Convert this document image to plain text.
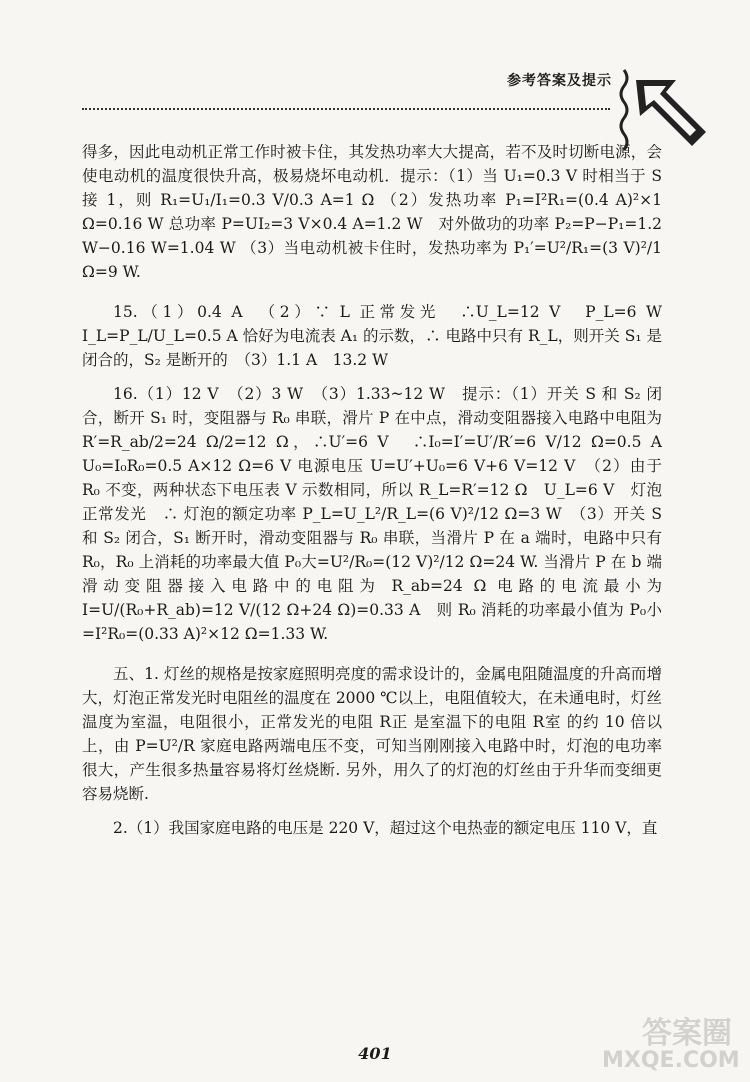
参考答案及提示

得多，因此电动机正常工作时被卡住，其发热功率大大提高，若不及时切断电源，会使电动机的温度很快升高，极易烧坏电动机．提示：（1）当 U₁=0.3 V 时相当于 S 接 1，则 R₁=U₁/I₁=0.3 V/0.3 A=1 Ω （2）发热功率 P₁=I²R₁=(0.4 A)²×1 Ω=0.16 W 总功率 P=UI₂=3 V×0.4 A=1.2 W　对外做功的功率 P₂=P−P₁=1.2 W−0.16 W=1.04 W （3）当电动机被卡住时，发热功率为 P₁′=U²/R₁=(3 V)²/1 Ω=9 W.

15.（1）0.4 A　（2）∵ L 正常发光　∴U_L=12 V　P_L=6 W　I_L=P_L/U_L=0.5 A 恰好为电流表 A₁ 的示数，∴ 电路中只有 R_L，则开关 S₁ 是闭合的，S₂ 是断开的　（3）1.1 A　13.2 W

16.（1）12 V　（2）3 W　（3）1.33~12 W　提示：（1）开关 S 和 S₂ 闭合，断开 S₁ 时，变阻器与 R₀ 串联，滑片 P 在中点，滑动变阻器接入电路中电阻为 R′=R_ab/2=24 Ω/2=12 Ω，∴U′=6 V　∴I₀=I′=U′/R′=6 V/12 Ω=0.5 A　U₀=I₀R₀=0.5 A×12 Ω=6 V 电源电压 U=U′+U₀=6 V+6 V=12 V　（2）由于 R₀ 不变，两种状态下电压表 V 示数相同，所以 R_L=R′=12 Ω　U_L=6 V　灯泡正常发光　∴ 灯泡的额定功率 P_L=U_L²/R_L=(6 V)²/12 Ω=3 W　（3）开关 S 和 S₂ 闭合，S₁ 断开时，滑动变阻器与 R₀ 串联，当滑片 P 在 a 端时，电路中只有 R₀，R₀ 上消耗的功率最大值 P₀大=U²/R₀=(12 V)²/12 Ω=24 W. 当滑片 P 在 b 端滑动变阻器接入电路中的电阻为 R_ab=24 Ω 电路的电流最小为 I=U/(R₀+R_ab)=12 V/(12 Ω+24 Ω)=0.33 A　则 R₀ 消耗的功率最小值为 P₀小=I²R₀=(0.33 A)²×12 Ω=1.33 W.

五、1. 灯丝的规格是按家庭照明亮度的需求设计的，金属电阻随温度的升高而增大，灯泡正常发光时电阻丝的温度在 2000 ℃以上，电阻值较大，在未通电时，灯丝温度为室温，电阻很小，正常发光的电阻 R正 是室温下的电阻 R室 的约 10 倍以上，由 P=U²/R 家庭电路两端电压不变，可知当刚刚接入电路中时，灯泡的电功率很大，产生很多热量容易将灯丝烧断. 另外，用久了的灯泡的灯丝由于升华而变细更容易烧断.

2.（1）我国家庭电路的电压是 220 V，超过这个电热壶的额定电压 110 V，直

401
答案圈
MXQE.COM
